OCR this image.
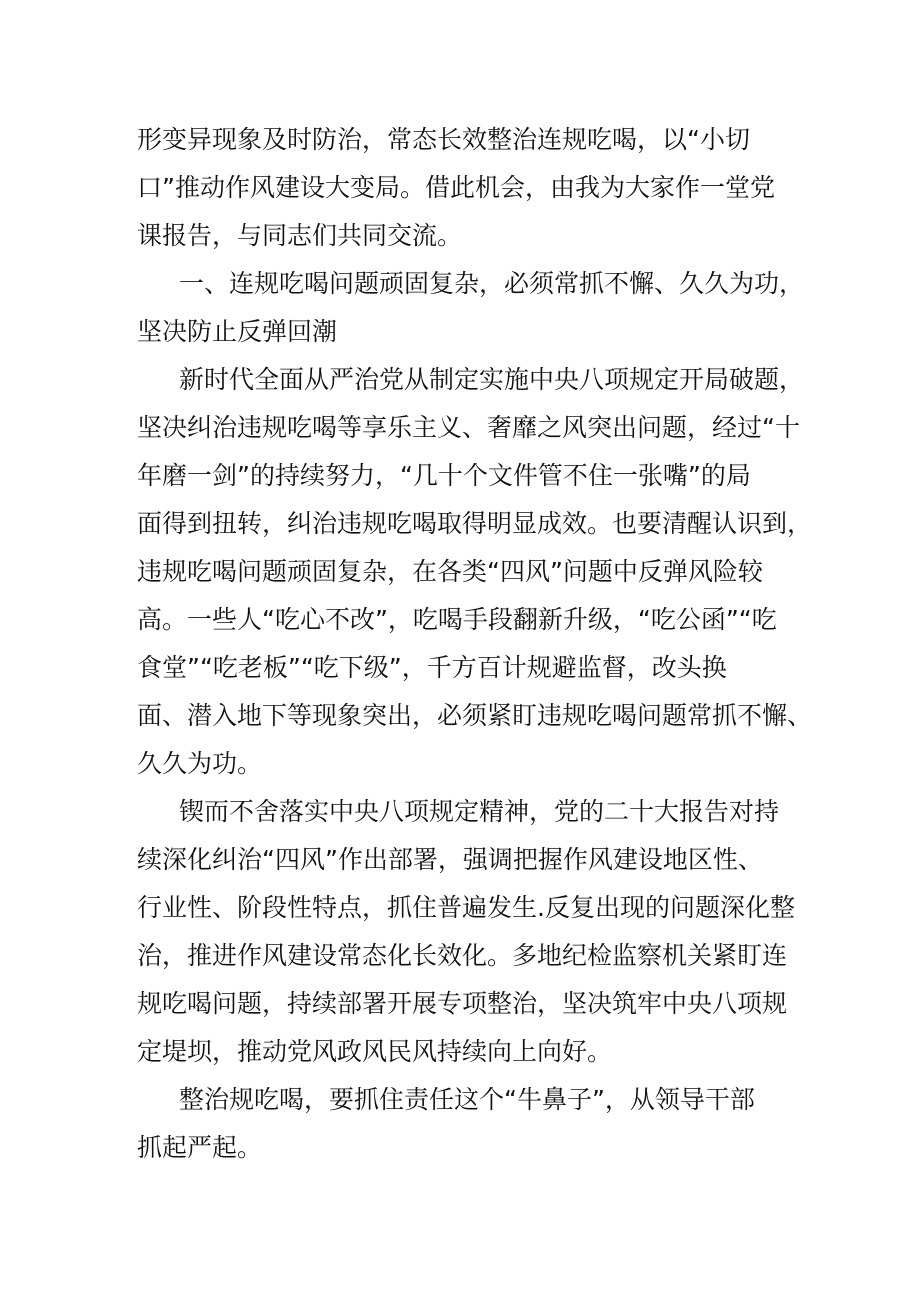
形变异现象及时防治，常态长效整治连规吃喝，以“小切
口”推动作风建设大变局。借此机会，由我为大家作一堂党
课报告，与同志们共同交流。
一、连规吃喝问题顽固复杂，必须常抓不懈、久久为功，
坚决防止反弹回潮
新时代全面从严治党从制定实施中央八项规定开局破题，
坚决纠治违规吃喝等享乐主义、奢靡之风突出问题，经过“十
年磨一剑”的持续努力，“几十个文件管不住一张嘴”的局
面得到扭转，纠治违规吃喝取得明显成效。也要清醒认识到，
违规吃喝问题顽固复杂，在各类“四风”问题中反弹风险较
高。一些人“吃心不改”，吃喝手段翻新升级，“吃公函”“吃
食堂”“吃老板”“吃下级”，千方百计规避监督，改头换
面、潜入地下等现象突出，必须紧盯违规吃喝问题常抓不懈、
久久为功。
锲而不舍落实中央八项规定精神，党的二十大报告对持
续深化纠治“四风”作出部署，强调把握作风建设地区性、
行业性、阶段性特点，抓住普遍发生.反复出现的问题深化整
治，推进作风建设常态化长效化。多地纪检监察机关紧盯连
规吃喝问题，持续部署开展专项整治，坚决筑牢中央八项规
定堤坝，推动党风政风民风持续向上向好。
整治规吃喝，要抓住责任这个“牛鼻子”，从领导干部
抓起严起。
